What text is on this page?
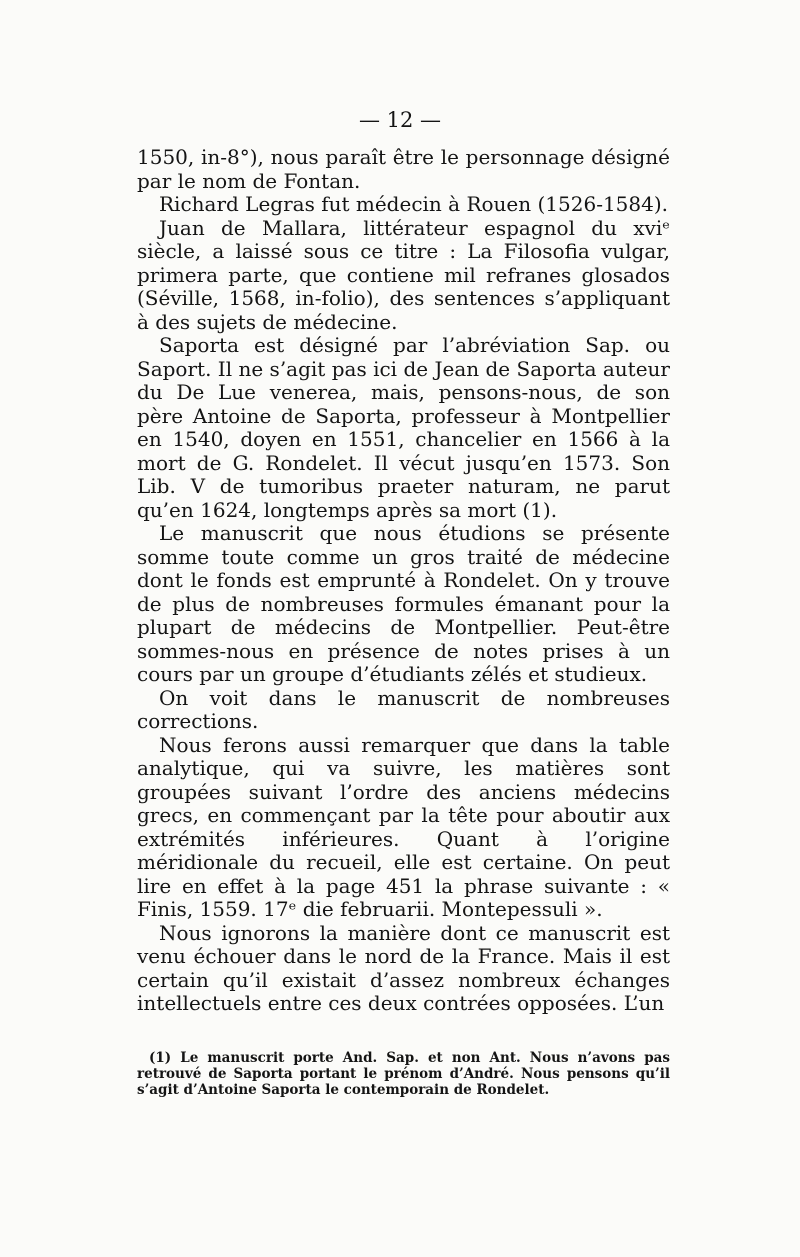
— 12 —

1550, in-8°), nous paraît être le personnage désigné par le nom de Fontan.

Richard Legras fut médecin à Rouen (1526-1584).

Juan de Mallara, littérateur espagnol du xviᵉ siècle, a laissé sous ce titre : La Filosofia vulgar, primera parte, que contiene mil refranes glosados (Séville, 1568, in-folio), des sentences s’appliquant à des sujets de médecine.

Saporta est désigné par l’abréviation Sap. ou Saport. Il ne s’agit pas ici de Jean de Saporta auteur du De Lue venerea, mais, pensons-nous, de son père Antoine de Saporta, professeur à Montpellier en 1540, doyen en 1551, chancelier en 1566 à la mort de G. Rondelet. Il vécut jusqu’en 1573. Son Lib. V de tumoribus praeter naturam, ne parut qu’en 1624, longtemps après sa mort (1).

Le manuscrit que nous étudions se présente somme toute comme un gros traité de médecine dont le fonds est emprunté à Rondelet. On y trouve de plus de nombreuses formules émanant pour la plupart de médecins de Montpellier. Peut-être sommes-nous en présence de notes prises à un cours par un groupe d’étudiants zélés et studieux.

On voit dans le manuscrit de nombreuses corrections.

Nous ferons aussi remarquer que dans la table analytique, qui va suivre, les matières sont groupées suivant l’ordre des anciens médecins grecs, en commençant par la tête pour aboutir aux extrémités inférieures. Quant à l’origine méridionale du recueil, elle est certaine. On peut lire en effet à la page 451 la phrase suivante : « Finis, 1559. 17ᵉ die februarii. Montepessuli ».

Nous ignorons la manière dont ce manuscrit est venu échouer dans le nord de la France. Mais il est certain qu’il existait d’assez nombreux échanges intellectuels entre ces deux contrées opposées. L’un

(1) Le manuscrit porte And. Sap. et non Ant. Nous n’avons pas retrouvé de Saporta portant le prénom d’André. Nous pensons qu’il s’agit d’Antoine Saporta le contemporain de Rondelet.
